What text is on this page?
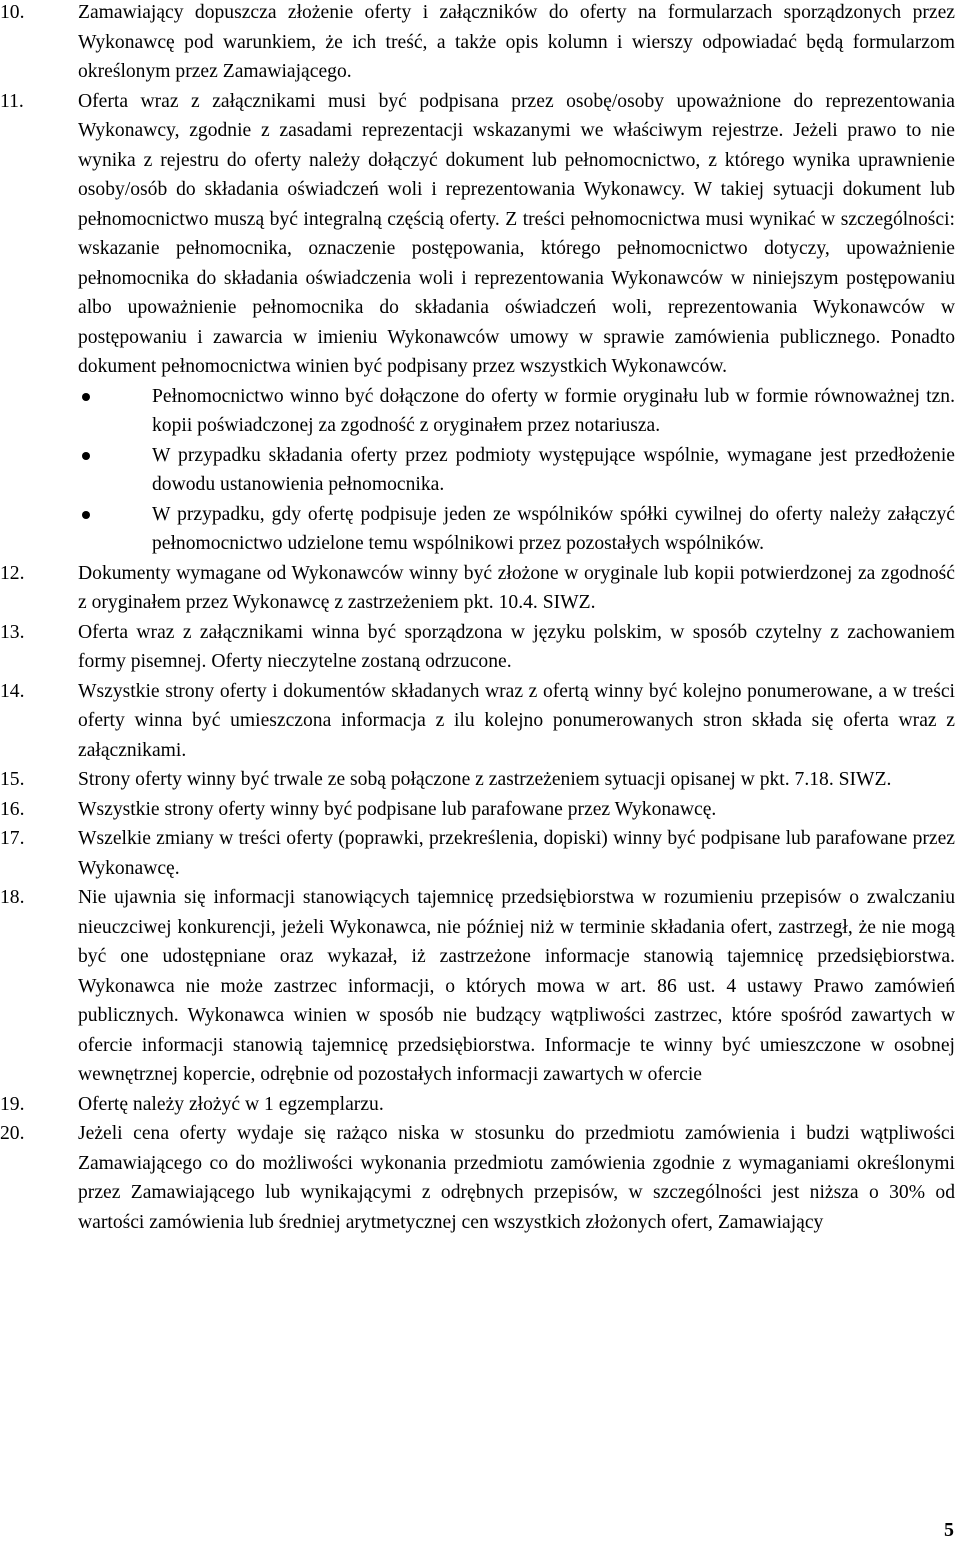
10.	Zamawiający dopuszcza złożenie oferty i załączników do oferty na formularzach sporządzonych przez Wykonawcę pod warunkiem, że ich treść, a także opis kolumn i wierszy odpowiadać będą formularzom określonym przez Zamawiającego.
11.	Oferta wraz z załącznikami musi być podpisana przez osobę/osoby upoważnione do reprezentowania Wykonawcy, zgodnie z zasadami reprezentacji wskazanymi we właściwym rejestrze. Jeżeli prawo to nie wynika z rejestru do oferty należy dołączyć dokument lub pełnomocnictwo, z którego wynika uprawnienie osoby/osób do składania oświadczeń woli i reprezentowania Wykonawcy. W takiej sytuacji dokument lub pełnomocnictwo muszą być integralną częścią oferty. Z treści pełnomocnictwa musi wynikać w szczególności: wskazanie pełnomocnika, oznaczenie postępowania, którego pełnomocnictwo dotyczy, upoważnienie pełnomocnika do składania oświadczenia woli i reprezentowania Wykonawców w niniejszym postępowaniu albo upoważnienie pełnomocnika do składania oświadczeń woli, reprezentowania Wykonawców w postępowaniu i zawarcia w imieniu Wykonawców umowy w sprawie zamówienia publicznego. Ponadto dokument pełnomocnictwa winien być podpisany przez wszystkich Wykonawców.
Pełnomocnictwo winno być dołączone do oferty w formie oryginału lub w formie równoważnej tzn. kopii poświadczonej za zgodność z oryginałem przez notariusza.
W przypadku składania oferty przez podmioty występujące wspólnie, wymagane jest przedłożenie dowodu ustanowienia pełnomocnika.
W przypadku, gdy ofertę podpisuje jeden ze wspólników spółki cywilnej do oferty należy załączyć pełnomocnictwo udzielone temu wspólnikowi przez pozostałych wspólników.
12.	Dokumenty wymagane od Wykonawców winny być złożone w oryginale lub kopii potwierdzonej za zgodność z oryginałem przez Wykonawcę z zastrzeżeniem pkt. 10.4. SIWZ.
13.	Oferta wraz z załącznikami winna być sporządzona w języku polskim, w sposób czytelny z zachowaniem formy pisemnej. Oferty nieczytelne zostaną odrzucone.
14.	Wszystkie strony oferty i dokumentów składanych wraz z ofertą winny być kolejno ponumerowane, a w treści oferty winna być umieszczona informacja z ilu kolejno ponumerowanych stron składa się oferta wraz z załącznikami.
15.	Strony oferty winny być trwale ze sobą połączone z zastrzeżeniem sytuacji opisanej w pkt. 7.18. SIWZ.
16.	Wszystkie strony oferty winny być podpisane lub parafowane przez Wykonawcę.
17.	Wszelkie zmiany w treści oferty (poprawki, przekreślenia, dopiski) winny być podpisane lub parafowane przez Wykonawcę.
18.	Nie ujawnia się informacji stanowiących tajemnicę przedsiębiorstwa w rozumieniu przepisów o zwalczaniu nieuczciwej konkurencji, jeżeli Wykonawca, nie później niż w terminie składania ofert, zastrzegł, że nie mogą być one udostępniane oraz wykazał, iż zastrzeżone informacje stanowią tajemnicę przedsiębiorstwa. Wykonawca nie może zastrzec informacji, o których mowa w art. 86 ust. 4 ustawy Prawo zamówień publicznych. Wykonawca winien w sposób nie budzący wątpliwości zastrzec, które spośród zawartych w ofercie informacji stanowią tajemnicę przedsiębiorstwa. Informacje te winny być umieszczone w osobnej wewnętrznej kopercie, odrębnie od pozostałych informacji zawartych w ofercie
19.	Ofertę należy złożyć w 1 egzemplarzu.
20.	Jeżeli cena oferty wydaje się rażąco niska w stosunku do przedmiotu zamówienia i budzi wątpliwości Zamawiającego co do możliwości wykonania przedmiotu zamówienia zgodnie z wymaganiami określonymi przez Zamawiającego lub wynikającymi z odrębnych przepisów, w szczególności jest niższa o 30% od wartości zamówienia lub średniej arytmetycznej cen wszystkich złożonych ofert, Zamawiający
5
